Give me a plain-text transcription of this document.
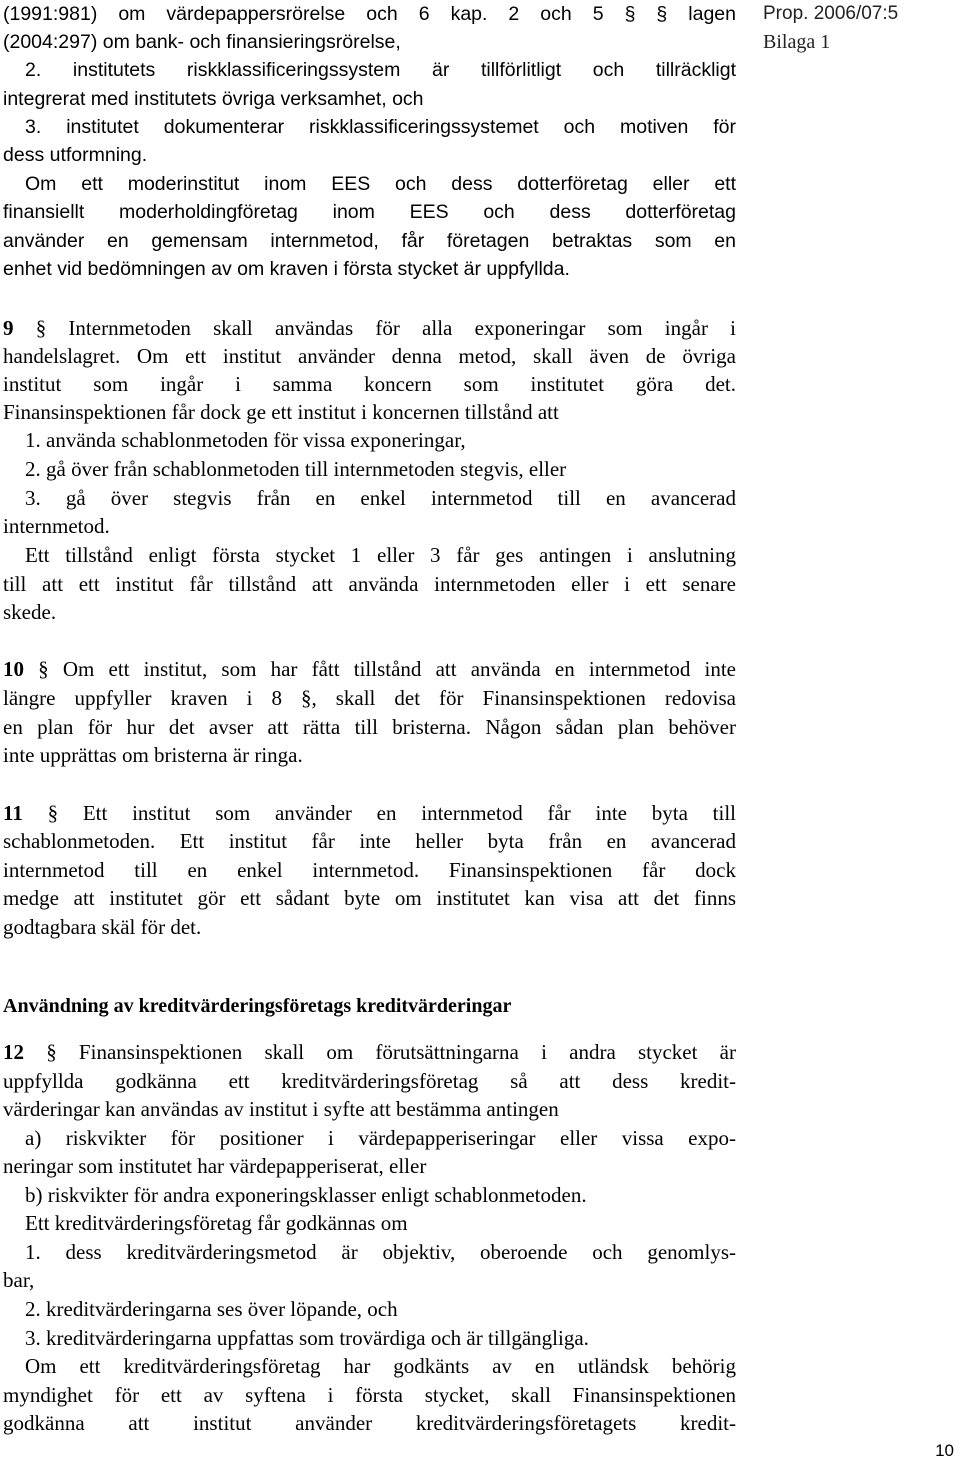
(1991:981) om värdepappersrörelse och 6 kap. 2 och 5 § § lagen
(2004:297) om bank- och finansieringsrörelse,
2. institutets riskklassificeringssystem är tillförlitligt och tillräckligt
integrerat med institutets övriga verksamhet, och
3. institutet dokumenterar riskklassificeringssystemet och motiven för
dess utformning.
Om ett moderinstitut inom EES och dess dotterföretag eller ett
finansiellt moderholdingföretag inom EES och dess dotterföretag
använder en gemensam internmetod, får företagen betraktas som en
enhet vid bedömningen av om kraven i första stycket är uppfyllda.
9 § Internmetoden skall användas för alla exponeringar som ingår i
handelslagret. Om ett institut använder denna metod, skall även de övriga
institut som ingår i samma koncern som institutet göra det.
Finansinspektionen får dock ge ett institut i koncernen tillstånd att
1. använda schablonmetoden för vissa exponeringar,
2. gå över från schablonmetoden till internmetoden stegvis, eller
3. gå över stegvis från en enkel internmetod till en avancerad
internmetod.
Ett tillstånd enligt första stycket 1 eller 3 får ges antingen i anslutning
till att ett institut får tillstånd att använda internmetoden eller i ett senare
skede.
10 § Om ett institut, som har fått tillstånd att använda en internmetod inte
längre uppfyller kraven i 8 §, skall det för Finansinspektionen redovisa
en plan för hur det avser att rätta till bristerna. Någon sådan plan behöver
inte upprättas om bristerna är ringa.
11 § Ett institut som använder en internmetod får inte byta till
schablonmetoden. Ett institut får inte heller byta från en avancerad
internmetod till en enkel internmetod. Finansinspektionen får dock
medge att institutet gör ett sådant byte om institutet kan visa att det finns
godtagbara skäl för det.
12 § Finansinspektionen skall om förutsättningarna i andra stycket är
uppfyllda godkänna ett kreditvärderingsföretag så att dess kredit-
värderingar kan användas av institut i syfte att bestämma antingen
a) riskvikter för positioner i värdepapperiseringar eller vissa expo-
neringar som institutet har värdepapperiserat, eller
b) riskvikter för andra exponeringsklasser enligt schablonmetoden.
Ett kreditvärderingsföretag får godkännas om
1. dess kreditvärderingsmetod är objektiv, oberoende och genomlys-
bar,
2. kreditvärderingarna ses över löpande, och
3. kreditvärderingarna uppfattas som trovärdiga och är tillgängliga.
Om ett kreditvärderingsföretag har godkänts av en utländsk behörig
myndighet för ett av syftena i första stycket, skall Finansinspektionen
godkänna att institut använder kreditvärderingsföretagets kredit-
Användning av kreditvärderingsföretags kreditvärderingar
Prop. 2006/07:5
Bilaga 1
10
